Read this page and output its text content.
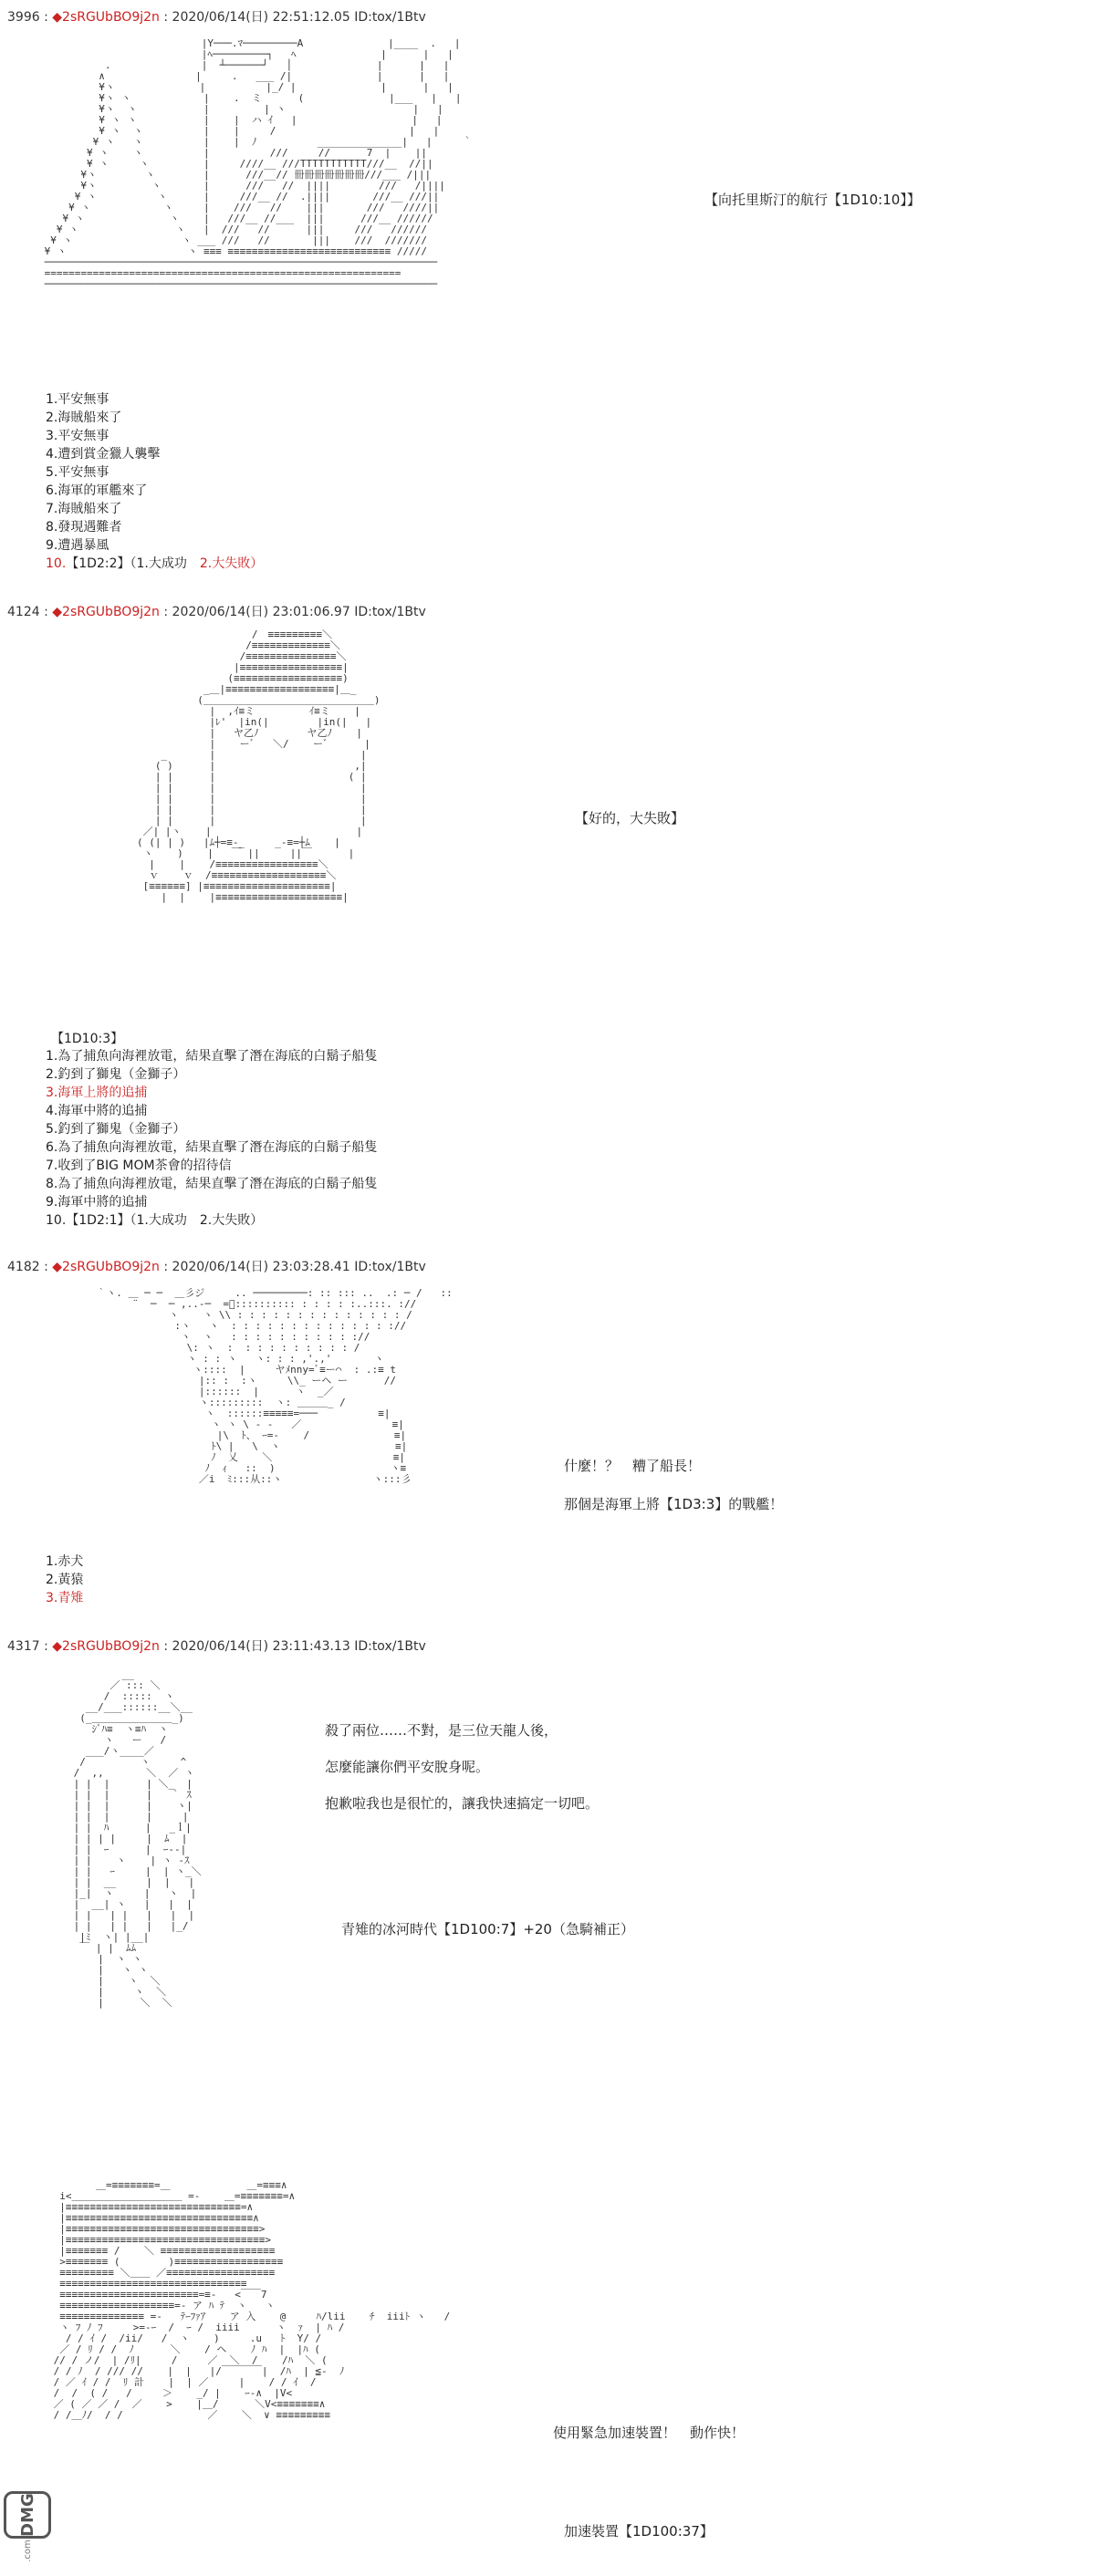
3996 : ◆2sRGUbBO9j2n : 2020/06/14(日) 22:51:12.05 ID:tox/1Btv
|Y───.ﾏ─────────A              |____  .   |
|ﾍ─────────┐   ﾍ              |      |   |
.               |  ┴──────┘   │              |      |   |
∧               |     .   ___ /|              |      |   |
¥ヽ              |          |_/ |              |      |   |
¥ヽ ヽ            |    .  ミ      (              |___   |   |
¥ヽ  ヽ           |         | ヽ                     |   |
¥ ヽ ヽ           |    |  ハ ｲ   |                   |   |
¥ ヽ  ヽ          |    |     /                      |   |
¥ ヽ   ヽ          |    |  ﾉ          ______________|   |     ｀
¥ ヽ    ヽ          |          ///     //      7  |    ||
¥ ヽ     ヽ         |     ////__ ///TTTTTTTTTTT///__  //||
¥ヽ        ヽ        |      ///__// 冊冊冊冊冊冊冊///___ /|||
¥ヽ         ヽ       |      ///   //  ||||        ///   /||||
¥ ヽ          ヽ      |     ///__ //  .||||       ///__ ///||
¥ ヽ            ヽ     |    ///   //    |||       ///   ////||
¥ ヽ              ヽ    |   ///__ //___  |||      ///__ //////
¥ ヽ                ヽ   |  ///   //      |||     ///   //////
¥ ヽ                  ヽ ___ ///   //       |||    ///  ///////
¥ ヽ                    ヽ ≡≡≡ ≡≡≡≡≡≡≡≡≡≡≡≡≡≡≡≡≡≡≡≡≡≡≡≡≡≡≡ /////
─────────────────────────────────────────────────────────────────
===========================================================
─────────────────────────────────────────────────────────────────
【向托里斯汀的航行【1D10:10】】
1.平安無事
2.海賊船來了
3.平安無事
4.遭到賞金獵人襲擊
5.平安無事
6.海軍的軍艦來了
7.海賊船來了
8.發現遇難者
9.遭遇暴風
10.【1D2:2】（1.大成功　 2.大失敗）
4124 : ◆2sRGUbBO9j2n : 2020/06/14(日) 23:01:06.97 ID:tox/1Btv
/￣≡≡≡≡≡≡≡≡≡＼
/≡≡≡≡≡≡≡≡≡≡≡≡≡＼
/≡≡≡≡≡≡≡≡≡≡≡≡≡≡≡＼
|≡≡≡≡≡≡≡≡≡≡≡≡≡≡≡≡≡|
(≡≡≡≡≡≡≡≡≡≡≡≡≡≡≡≡≡≡)
_＿|≡≡≡≡≡≡≡≡≡≡≡≡≡≡≡≡≡≡|＿_
(＿＿＿＿＿＿＿＿＿＿＿＿＿＿＿＿＿)
|  ,ｲ≡ミ         ｲ≡ミ    |
|ﾚ'  |in(|        |in(|   |
|   ヤ乙ﾉ        ヤ乙ﾉ    |
|    ーﾞ   ＼/    ーﾞ      |
_       |                        |
( )      |                       ,|
| |      |                      ( |
| |      |                        |
| |      |                        |
| |      |                        |
| |      |                        |
／| |ヽ    |                        |
( (| | )   |ﾑ┼=≡-_     _-≡=┼ﾑ    |
ヽ    )    |   ￣ ||     ||￣      |
|    |    /≡≡≡≡≡≡≡≡≡≡≡≡≡≡≡≡≡＼
ｖ    ｖ  /≡≡≡≡≡≡≡≡≡≡≡≡≡≡≡≡≡≡≡＼
[≡≡≡≡≡≡] |≡≡≡≡≡≡≡≡≡≡≡≡≡≡≡≡≡≡≡≡≡|
|  |    |≡≡≡≡≡≡≡≡≡≡≡≡≡≡≡≡≡≡≡≡≡|
【好的，大失敗】
【1D10:3】
1.為了捕魚向海裡放電，結果直擊了潛在海底的白鬍子船隻
2.釣到了獅鬼（金獅子）
3.海軍上將的追捕
4.海軍中將的追捕
5.釣到了獅鬼（金獅子）
6.為了捕魚向海裡放電，結果直擊了潛在海底的白鬍子船隻
7.收到了BIG MOM茶會的招待信
8.為了捕魚向海裡放電，結果直擊了潛在海底的白鬍子船隻
9.海軍中將的追捕
10.【1D2:1】（1.大成功　2.大失敗）
4182 : ◆2sRGUbBO9j2n : 2020/06/14(日) 23:03:28.41 ID:tox/1Btv
｀ヽ. ＿ ─ ─  ＿彡ジ     .. ─────────: :: ::: ..  .: ─ /   ::
¨  ─  ─ ,..-─  =ﾞ:::::::::: : : : : :..:::. ://
ヽ    ヽ \\ : : : : : : : : : : : : : : /
:ヽ   ヽ  : : : : : : : : : : : : : ://
ヽ  ヽ   : : : : : : : : : : ://
\: ヽ  :  : : : : : : : : : /
ヽ : : ヽ   ヽ: : : ,'.,'       ヽ
ヽ::::  |     ヤﾒnny=ﾞ≡ー⌒  : .:≡ t
|:: :  :ヽ     \\_ ーヘ ー      //
|::::::  |      ヽ  _／
ヽ:::::::::  ヽ: ＿＿＿_ /
ヽ  ::::::≡≡≡≡≡=───          ≡|
ヽ ヽ \ - -   ／               ≡|
|\  ﾄ、 ｰ=-    /              ≡|
ﾄ\ |   \  ヽ                   ≡|
ﾉ  乂    ＼                    ≡|
ﾉ  ｨ   ::  )                   ヽ≡
／i  ﾐ:::从::ヽ               ヽ:::彡
什麼！？　糟了船長！
那個是海軍上將【1D3:3】的戰艦！
1.赤犬
2.黃猿
3.青雉
4317 : ◆2sRGUbBO9j2n : 2020/06/14(日) 23:11:43.13 ID:tox/1Btv
__
／ ::: ＼
/  :::::  ヽ
__/___::::::__＼__
(_＿＿＿＿＿＿＿＿_)
ｼﾞﾊ≡  ヽ≡ﾊ  ヽ
ヽ   ー   /
___/ヽ____／
/         ヽ     ^
/  ,,       ＼  ／ ヽ
| |  |      | ＼_  |
| |  |      |   ｀ ｽ
| |  |      |    ヽ|
| |  |      |     |
| |  ﾊ      |   _ｌ|
| | | |     |  ﾑ  |
| |  ｰ      |  ｰ--|
| |    ヽ    | ヽ -ｽ
| |   ｰ     |  | ヽ_＼
| |  __     |  |   |
|_|  ヽ     |   ヽ  |
|  __| ヽ   |   |  |
| |   | |   |   |  |
| |   | |   |   |_/
|ﾐ  ヽ| |__|
￣ | |  ﾑﾑ
|  ヽ ヽ
|   ヽ ヽ
|    ヽ  ＼
|     ヽ  ＼
|      ＼  ＼
殺了兩位……不對，是三位天龍人後，
怎麼能讓你們平安脫身呢。
抱歉啦我也是很忙的，讓我快速搞定一切吧。
青雉的冰河時代【1D100:7】+20（急騎補正）
＿=≡≡≡≡≡≡≡=＿        ￣   ＿=≡≡≡∧
i<＿＿＿＿＿＿＿＿＿＿＿ =-    ＿=≡≡≡≡≡≡≡=∧
|≡≡≡≡≡≡≡≡≡≡≡≡≡≡≡≡≡≡≡≡≡≡≡≡≡≡≡≡≡=∧
|≡≡≡≡≡≡≡≡≡≡≡≡≡≡≡≡≡≡≡≡≡≡≡≡≡≡≡≡≡≡≡∧
|≡≡≡≡≡≡≡≡≡≡≡≡≡≡≡≡≡≡≡≡≡≡≡≡≡≡≡≡≡≡≡≡>
|≡≡≡≡≡≡≡≡≡≡≡≡≡≡≡≡≡≡≡≡≡≡≡≡≡≡≡≡≡≡≡≡≡>
|≡≡≡≡≡≡≡ /    ＼ ≡≡≡≡≡≡≡≡≡≡≡≡≡≡≡≡≡≡≡
>≡≡≡≡≡≡≡ (        )≡≡≡≡≡≡≡≡≡≡≡≡≡≡≡≡≡≡
≡≡≡≡≡≡≡≡≡ ＼＿＿ ／≡≡≡≡≡≡≡≡≡≡≡≡≡≡≡≡≡≡
≡≡≡≡≡≡≡≡≡≡≡≡≡≡≡≡≡≡≡≡≡≡≡≡≡≡≡≡≡≡≡
≡≡≡≡≡≡≡≡≡≡≡≡≡≡≡≡≡≡≡≡≡≡≡=≡-   <￣￣7
≡≡≡≡≡≡≡≡≡≡≡≡≡≡≡≡≡≡≡=- ア ﾊ ﾃ  ヽ   ヽ
≡≡≡≡≡≡≡≡≡≡≡≡≡≡ =-   ﾃｰﾌｧｱ    ア 入    @     ﾊ/lii    ﾁ  iiiﾄ ヽ   /
ヽ ﾌ ﾉ ﾌ     >=-ｰ  /  ｰ /  iiii      ヽ  ｧ  | ﾊ /
/ / ｲ /  /ii/   /  ヽ    )     .u   ﾄ  Y/ /
／ / ﾘ / /  ﾉ      ＼    / ヘ    ﾉ ﾊ  |  |ﾊ (
// / ノ/  | /ﾘ|     /     ／  ＼  /    /ﾊ  ＼ (
/ / ﾉ  / /// //    |  |   |/￣￣￣￣|  /ﾊ  | ≦-  ﾉ
/ ／ ｲ / /  ﾘ 計    |  | ／     |    / / ｲ  /
/  /  ( /   /     ＞    _/ |    ｰ-∧  |V<
／ ( ／ ／ /  ／    >    |＿/      ＼V<≡≡≡≡≡≡≡∧
/ /＿ﾉ/  / /              ／    ＼  ∨ ≡≡≡≡≡≡≡≡≡
使用緊急加速裝置！　動作快！
加速裝置【1D100:37】
DMG
.com
